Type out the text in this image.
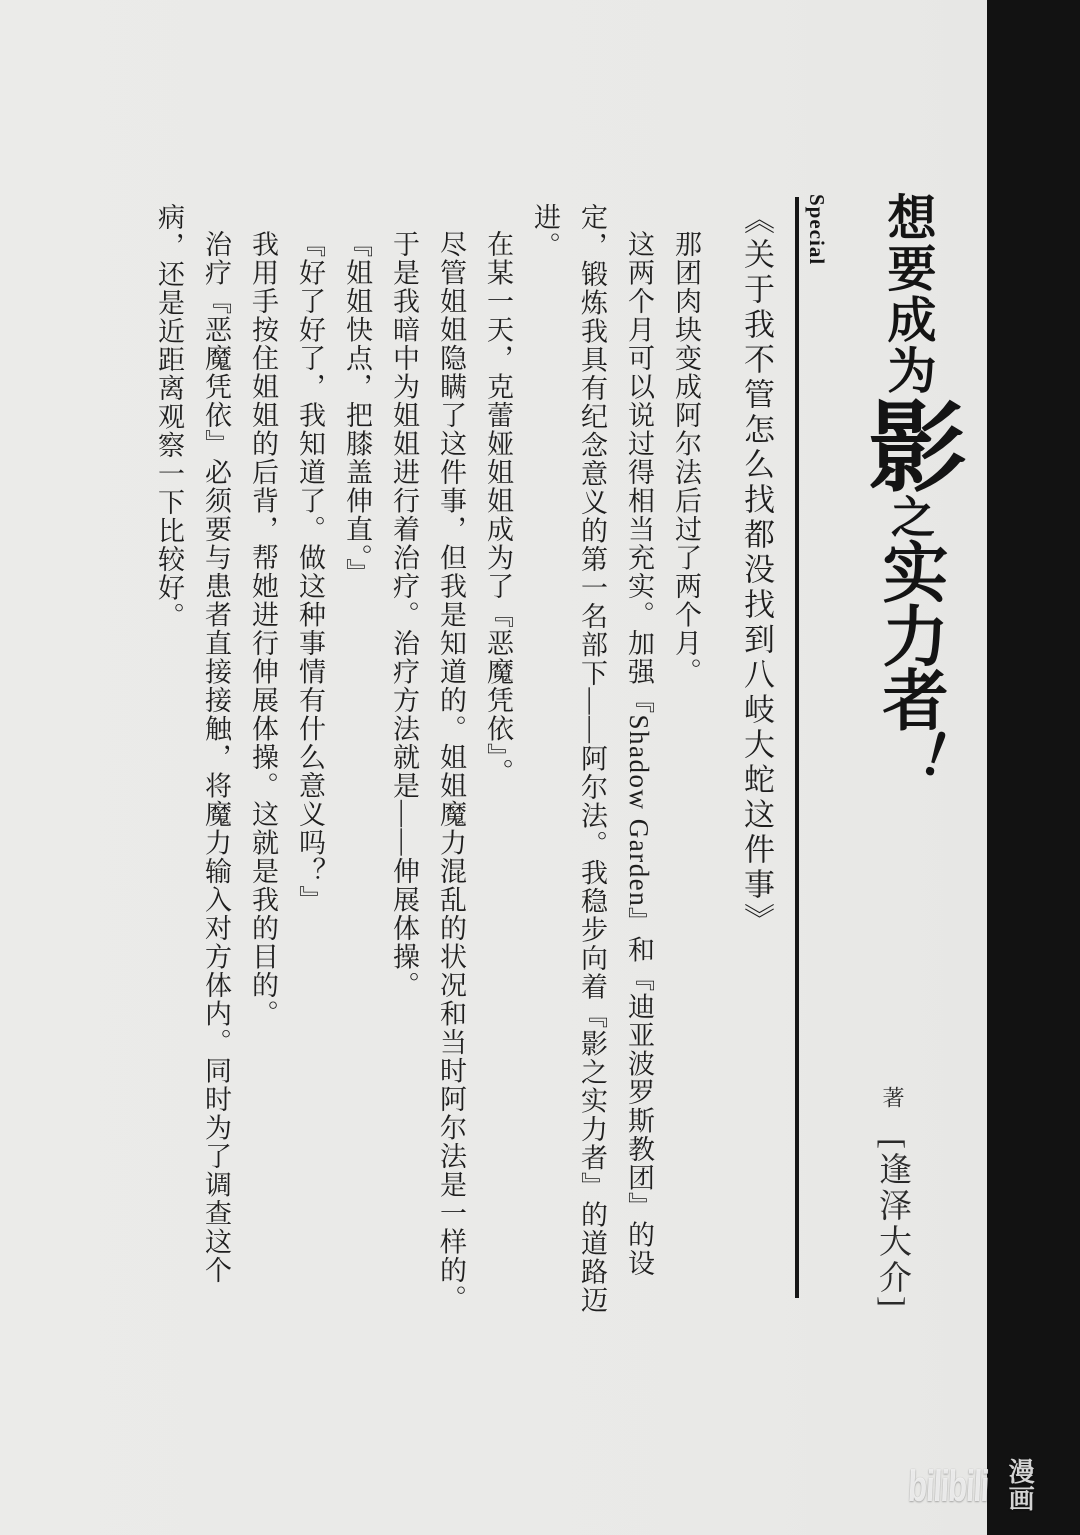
想要成为影之实力者！
Special
著[逢泽大介]

《关于我不管怎么找都没找到八岐大蛇这件事》

那团肉块变成阿尔法后过了两个月。

这两个月可以说过得相当充实。加强『Shadow Garden』和『迪亚波罗斯教团』的设定，锻炼我具有纪念意义的第一名部下——阿尔法。我稳步向着『影之实力者』的道路迈进。

在某一天，克蕾娅姐姐成为了『恶魔凭依』。

尽管姐姐隐瞒了这件事，但我是知道的。姐姐魔力混乱的状况和当时阿尔法是一样的。

于是我暗中为姐姐进行着治疗。治疗方法就是——伸展体操。

『姐姐快点，把膝盖伸直。』

『好了好了，我知道了。做这种事情有什么意义吗？』

我用手按住姐姐的后背，帮她进行伸展体操。这就是我的目的。

治疗『恶魔凭依』必须要与患者直接接触，将魔力输入对方体内。同时为了调查这个病，还是近距离观察一下比较好。

bilibili 漫画
